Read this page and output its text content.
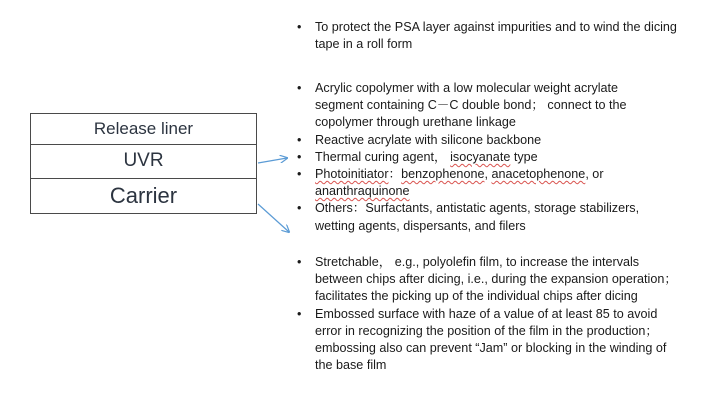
Release liner
UVR
Carrier
• To protect the PSA layer against impurities and to wind the dicing tape in a roll form
• Acrylic copolymer with a low molecular weight acrylate segment containing C－C double bond； connect to the copolymer through urethane linkage
• Reactive acrylate with silicone backbone
• Thermal curing agent， isocyanate type
• Photoinitiator：benzophenone, anacetophenone, or ananthraquinone
• Others：Surfactants, antistatic agents, storage stabilizers, wetting agents, dispersants, and filers
• Stretchable， e.g., polyolefin film, to increase the intervals between chips after dicing, i.e., during the expansion operation；facilitates the picking up of the individual chips after dicing
• Embossed surface with haze of a value of at least 85 to avoid error in recognizing the position of the film in the production；embossing also can prevent “Jam” or blocking in the winding of the base film
